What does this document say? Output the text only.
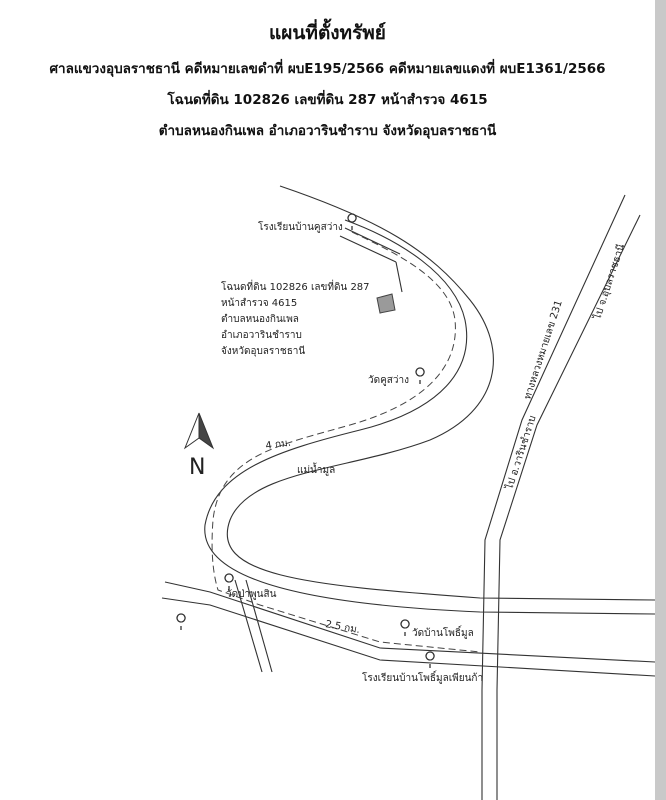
แผนที่ตั้งทรัพย์
ศาลแขวงอุบลราชธานี คดีหมายเลขดำที่ ผบE195/2566 คดีหมายเลขแดงที่ ผบE1361/2566
โฉนดที่ดิน 102826 เลขที่ดิน 287 หน้าสำรวจ 4615
ตำบลหนองกินเพล อำเภอวารินชำราบ จังหวัดอุบลราชธานี
โฉนดที่ดิน 102826 เลขที่ดิน 287
หน้าสำรวจ 4615
ตำบลหนองกินเพล
อำเภอวารินชำราบ
จังหวัดอุบลราชธานี
โรงเรียนบ้านคูสว่าง
วัดคูสว่าง
วัดป่าพูนสิน
วัดบ้านโพธิ์มูล
โรงเรียนบ้านโพธิ์มูลเพียนก้า
แม่น้ำมูล
4 กม.
2.5 กม.
ทางหลวงหมายเลข 231
ไป จ.อุบลราชธานี
ไป อ.วารินชำราบ
N
